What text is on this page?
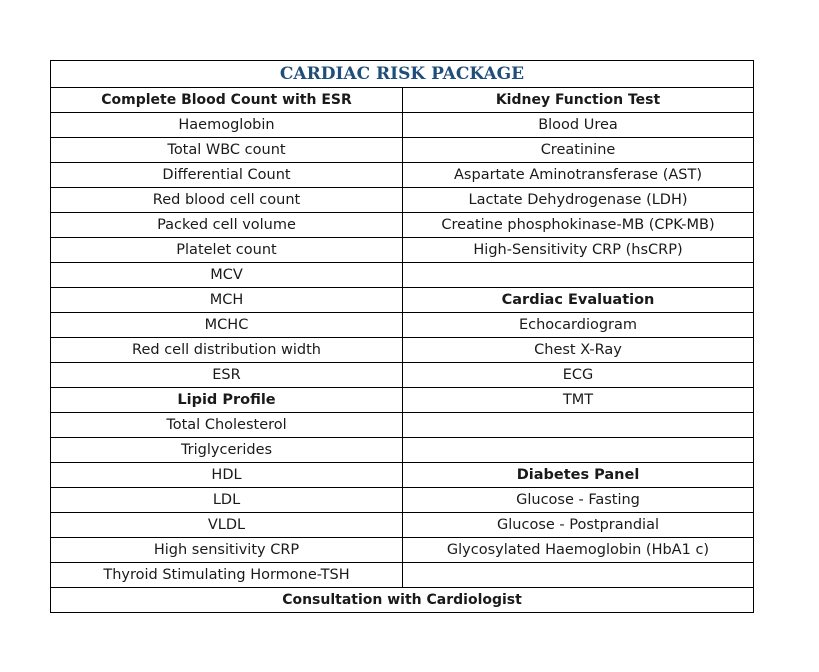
CARDIAC RISK PACKAGE	
Complete Blood Count with ESR	Kidney Function Test
Haemoglobin	Blood Urea
Total WBC count	Creatinine
Differential Count	Aspartate Aminotransferase (AST)
Red blood cell count	Lactate Dehydrogenase (LDH)
Packed cell volume	Creatine phosphokinase-MB (CPK-MB)
Platelet count	High-Sensitivity CRP (hsCRP)
MCV	
MCH	Cardiac Evaluation
MCHC	Echocardiogram
Red cell distribution width	Chest X-Ray
ESR	ECG
Lipid Profile	TMT
Total Cholesterol	
Triglycerides	
HDL	Diabetes Panel
LDL	Glucose - Fasting
VLDL	Glucose - Postprandial
High sensitivity CRP	Glycosylated Haemoglobin (HbA1 c)
Thyroid Stimulating Hormone-TSH	
Consultation with Cardiologist	
